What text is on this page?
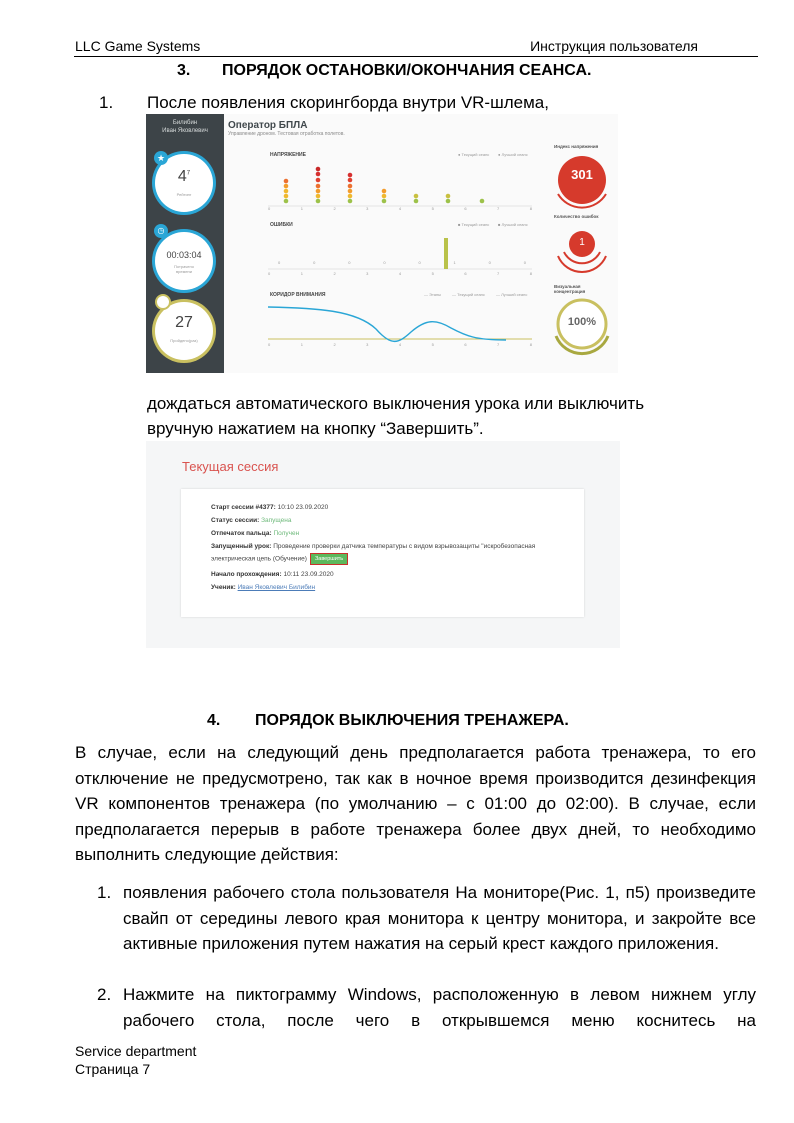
LLC Game Systems	Инструкция пользователя
3. ПОРЯДОК ОСТАНОВКИ/ОКОНЧАНИЯ СЕАНСА.
1. После появления скорингборда внутри VR-шлема,
Билибин
Иван Яковлевич
$4^7$
Рейтинг
★
00:03:04
Потрачено времени
◷
27
Пройдено(раз)
Оператор БПЛА
Управление дроном. Тестовая отработка полетов.
НАПРЯЖЕНИЕ	● Текущий сеанс ● Лучший сеанс
ОШИБКИ	■ Текущий сеанс ■ Лучший сеанс
КОРИДОР ВНИМАНИЯ	— Этапы	— Текущий сеанс	— Лучший сеанс
0	1	2	3	4	5	6	7	8
0	0	0	0	0	1	0	0
0	1	2	3	4	5	6	7	8
0	1	2	3	4	5	6	7	8
Индекс напряжения
301
Количество ошибок
1
Визуальная концентрация
100%
дождаться автоматического выключения урока или выключить
вручную нажатием на кнопку “Завершить”.
Текущая сессия
Старт сессии #4377: 10:10 23.09.2020
Статус сессии: Запущена
Отпечаток пальца: Получен
Запущенный урок: Проведение проверки датчика температуры с видом взрывозащиты "искробезопасная
электрическая цепь (Обучение) Завершить
Начало прохождения: 10:11 23.09.2020
Ученик: Иван Яковлевич Билибин
4. ПОРЯДОК ВЫКЛЮЧЕНИЯ ТРЕНАЖЕРА.
В случае, если на следующий день предполагается работа тренажера, то его отключение не предусмотрено, так как в ночное время производится дезинфекция VR компонентов тренажера (по умолчанию – с 01:00 до 02:00). В случае, если предполагается перерыв в работе тренажера более двух дней, то необходимо выполнить следующие действия:
1. появления рабочего стола пользователя На мониторе(Рис. 1, п5) произведите свайп от середины левого края монитора к центру монитора, и закройте все активные приложения путем нажатия на серый крест каждого приложения.
2. Нажмите на пиктограмму Windows, расположенную в левом нижнем углу рабочего стола, после чего в открывшемся меню коснитесь на
Service department
Страница 7
